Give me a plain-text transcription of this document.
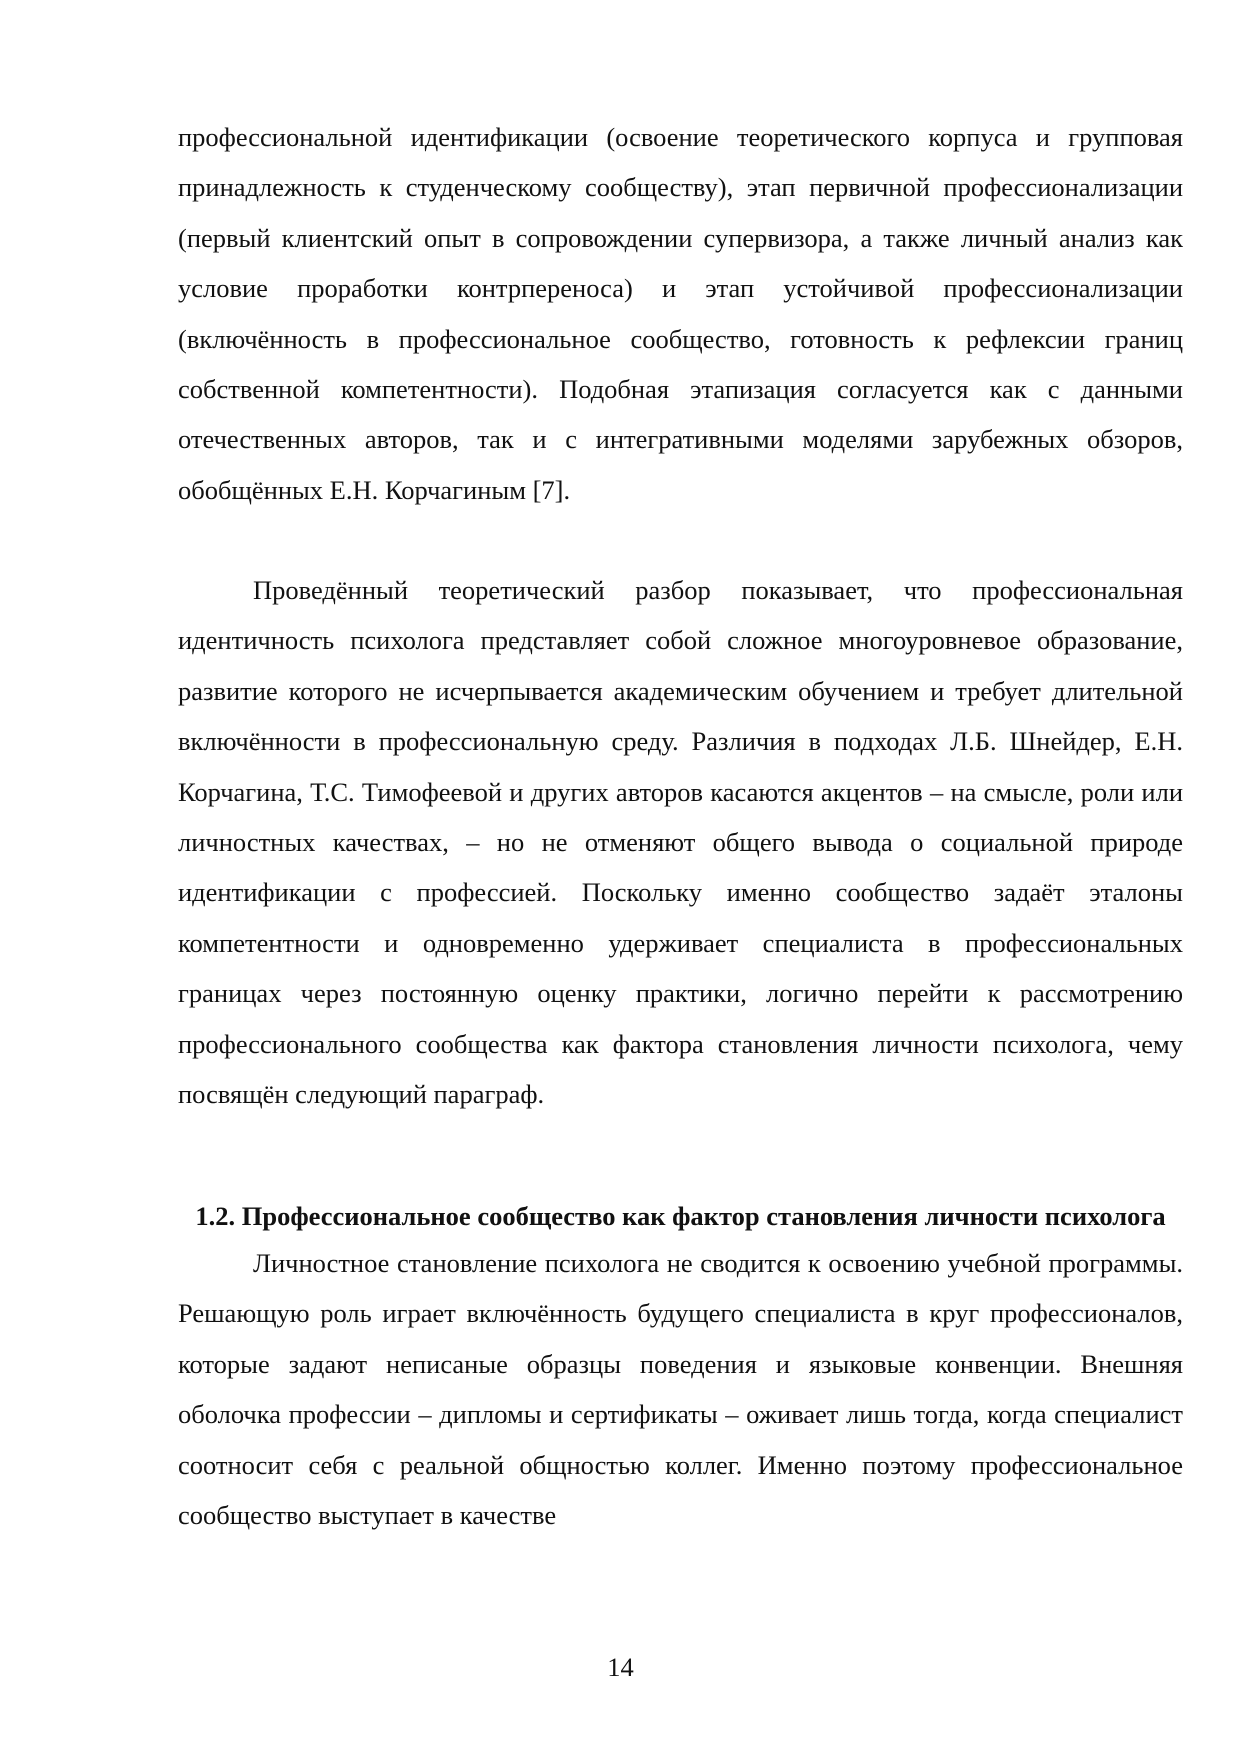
профессиональной идентификации (освоение теоретического корпуса и групповая принадлежность к студенческому сообществу), этап первичной профессионализации (первый клиентский опыт в сопровождении супервизора, а также личный анализ как условие проработки контрпереноса) и этап устойчивой профессионализации (включённость в профессиональное сообщество, готовность к рефлексии границ собственной компетентности). Подобная этапизация согласуется как с данными отечественных авторов, так и с интегративными моделями зарубежных обзоров, обобщённых Е.Н. Корчагиным [7].

Проведённый теоретический разбор показывает, что профессиональная идентичность психолога представляет собой сложное многоуровневое образование, развитие которого не исчерпывается академическим обучением и требует длительной включённости в профессиональную среду. Различия в подходах Л.Б. Шнейдер, Е.Н. Корчагина, Т.С. Тимофеевой и других авторов касаются акцентов – на смысле, роли или личностных качествах, – но не отменяют общего вывода о социальной природе идентификации с профессией. Поскольку именно сообщество задаёт эталоны компетентности и одновременно удерживает специалиста в профессиональных границах через постоянную оценку практики, логично перейти к рассмотрению профессионального сообщества как фактора становления личности психолога, чему посвящён следующий параграф.

1.2. Профессиональное сообщество как фактор становления личности психолога

Личностное становление психолога не сводится к освоению учебной программы. Решающую роль играет включённость будущего специалиста в круг профессионалов, которые задают неписаные образцы поведения и языковые конвенции. Внешняя оболочка профессии – дипломы и сертификаты – оживает лишь тогда, когда специалист соотносит себя с реальной общностью коллег. Именно поэтому профессиональное сообщество выступает в качестве

14
